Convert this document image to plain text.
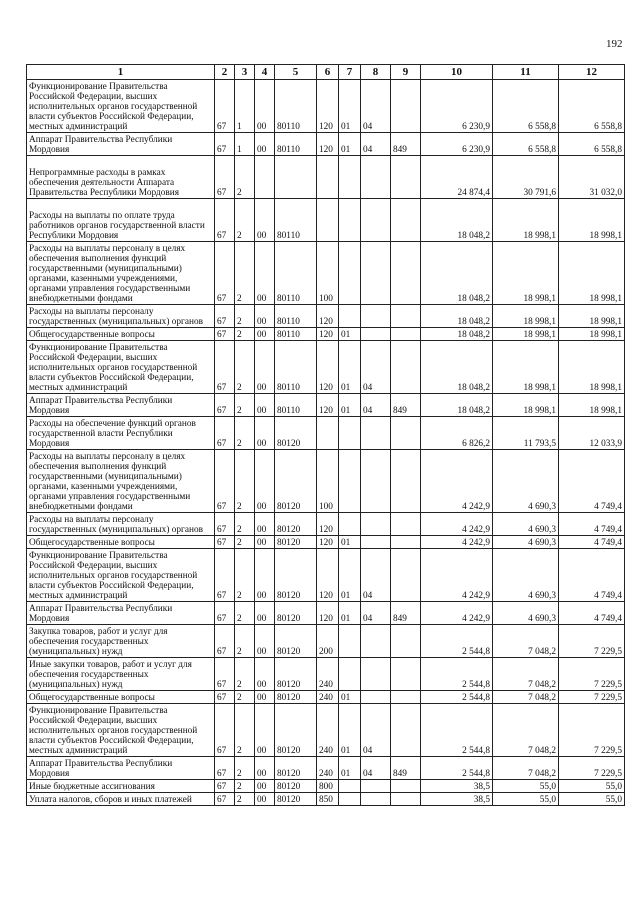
192
1	2	3	4	5	6	7	8	9	10	11	12
Функционирование Правительства Российской Федерации, высших исполнительных органов государственной власти субъектов Российской Федерации, местных администраций	67	1	00	80110	120	01	04		6 230,9	6 558,8	6 558,8
Аппарат Правительства Республики Мордовия	67	1	00	80110	120	01	04	849	6 230,9	6 558,8	6 558,8
Непрограммные расходы в рамках обеспечения деятельности Аппарата Правительства Республики Мордовия	67	2							24 874,4	30 791,6	31 032,0
Расходы на выплаты по оплате труда работников органов государственной власти Республики Мордовия	67	2	00	80110					18 048,2	18 998,1	18 998,1
Расходы на выплаты персоналу в целях обеспечения выполнения функций государственными (муниципальными) органами, казенными учреждениями, органами управления государственными внебюджетными фондами	67	2	00	80110	100				18 048,2	18 998,1	18 998,1
Расходы на выплаты персоналу государственных (муниципальных) органов	67	2	00	80110	120				18 048,2	18 998,1	18 998,1
Общегосударственные вопросы	67	2	00	80110	120	01			18 048,2	18 998,1	18 998,1
Функционирование Правительства Российской Федерации, высших исполнительных органов государственной власти субъектов Российской Федерации, местных администраций	67	2	00	80110	120	01	04		18 048,2	18 998,1	18 998,1
Аппарат Правительства Республики Мордовия	67	2	00	80110	120	01	04	849	18 048,2	18 998,1	18 998,1
Расходы на обеспечение функций органов государственной власти Республики Мордовия	67	2	00	80120					6 826,2	11 793,5	12 033,9
Расходы на выплаты персоналу в целях обеспечения выполнения функций государственными (муниципальными) органами, казенными учреждениями, органами управления государственными внебюджетными фондами	67	2	00	80120	100				4 242,9	4 690,3	4 749,4
Расходы на выплаты персоналу государственных (муниципальных) органов	67	2	00	80120	120				4 242,9	4 690,3	4 749,4
Общегосударственные вопросы	67	2	00	80120	120	01			4 242,9	4 690,3	4 749,4
Функционирование Правительства Российской Федерации, высших исполнительных органов государственной власти субъектов Российской Федерации, местных администраций	67	2	00	80120	120	01	04		4 242,9	4 690,3	4 749,4
Аппарат Правительства Республики Мордовия	67	2	00	80120	120	01	04	849	4 242,9	4 690,3	4 749,4
Закупка товаров, работ и услуг для обеспечения государственных (муниципальных) нужд	67	2	00	80120	200				2 544,8	7 048,2	7 229,5
Иные закупки товаров, работ и услуг для обеспечения государственных (муниципальных) нужд	67	2	00	80120	240				2 544,8	7 048,2	7 229,5
Общегосударственные вопросы	67	2	00	80120	240	01			2 544,8	7 048,2	7 229,5
Функционирование Правительства Российской Федерации, высших исполнительных органов государственной власти субъектов Российской Федерации, местных администраций	67	2	00	80120	240	01	04		2 544,8	7 048,2	7 229,5
Аппарат Правительства Республики Мордовия	67	2	00	80120	240	01	04	849	2 544,8	7 048,2	7 229,5
Иные бюджетные ассигнования	67	2	00	80120	800				38,5	55,0	55,0
Уплата налогов, сборов и иных платежей	67	2	00	80120	850				38,5	55,0	55,0
